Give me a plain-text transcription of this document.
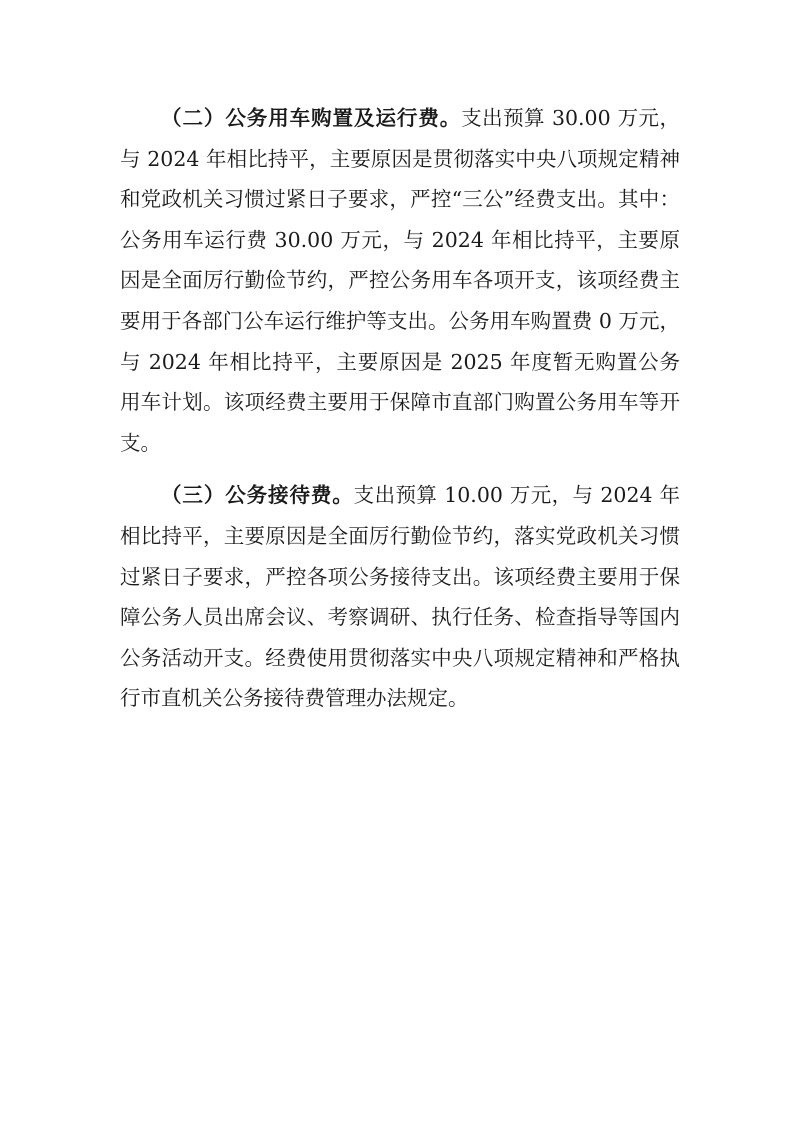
（二）公务用车购置及运行费。支出预算 30.00 万元，与 2024 年相比持平，主要原因是贯彻落实中央八项规定精神和党政机关习惯过紧日子要求，严控“三公”经费支出。其中：公务用车运行费 30.00 万元，与 2024 年相比持平，主要原因是全面厉行勤俭节约，严控公务用车各项开支，该项经费主要用于各部门公车运行维护等支出。公务用车购置费 0 万元，与 2024 年相比持平，主要原因是 2025 年度暂无购置公务用车计划。该项经费主要用于保障市直部门购置公务用车等开支。

（三）公务接待费。支出预算 10.00 万元，与 2024 年相比持平，主要原因是全面厉行勤俭节约，落实党政机关习惯过紧日子要求，严控各项公务接待支出。该项经费主要用于保障公务人员出席会议、考察调研、执行任务、检查指导等国内公务活动开支。经费使用贯彻落实中央八项规定精神和严格执行市直机关公务接待费管理办法规定。
